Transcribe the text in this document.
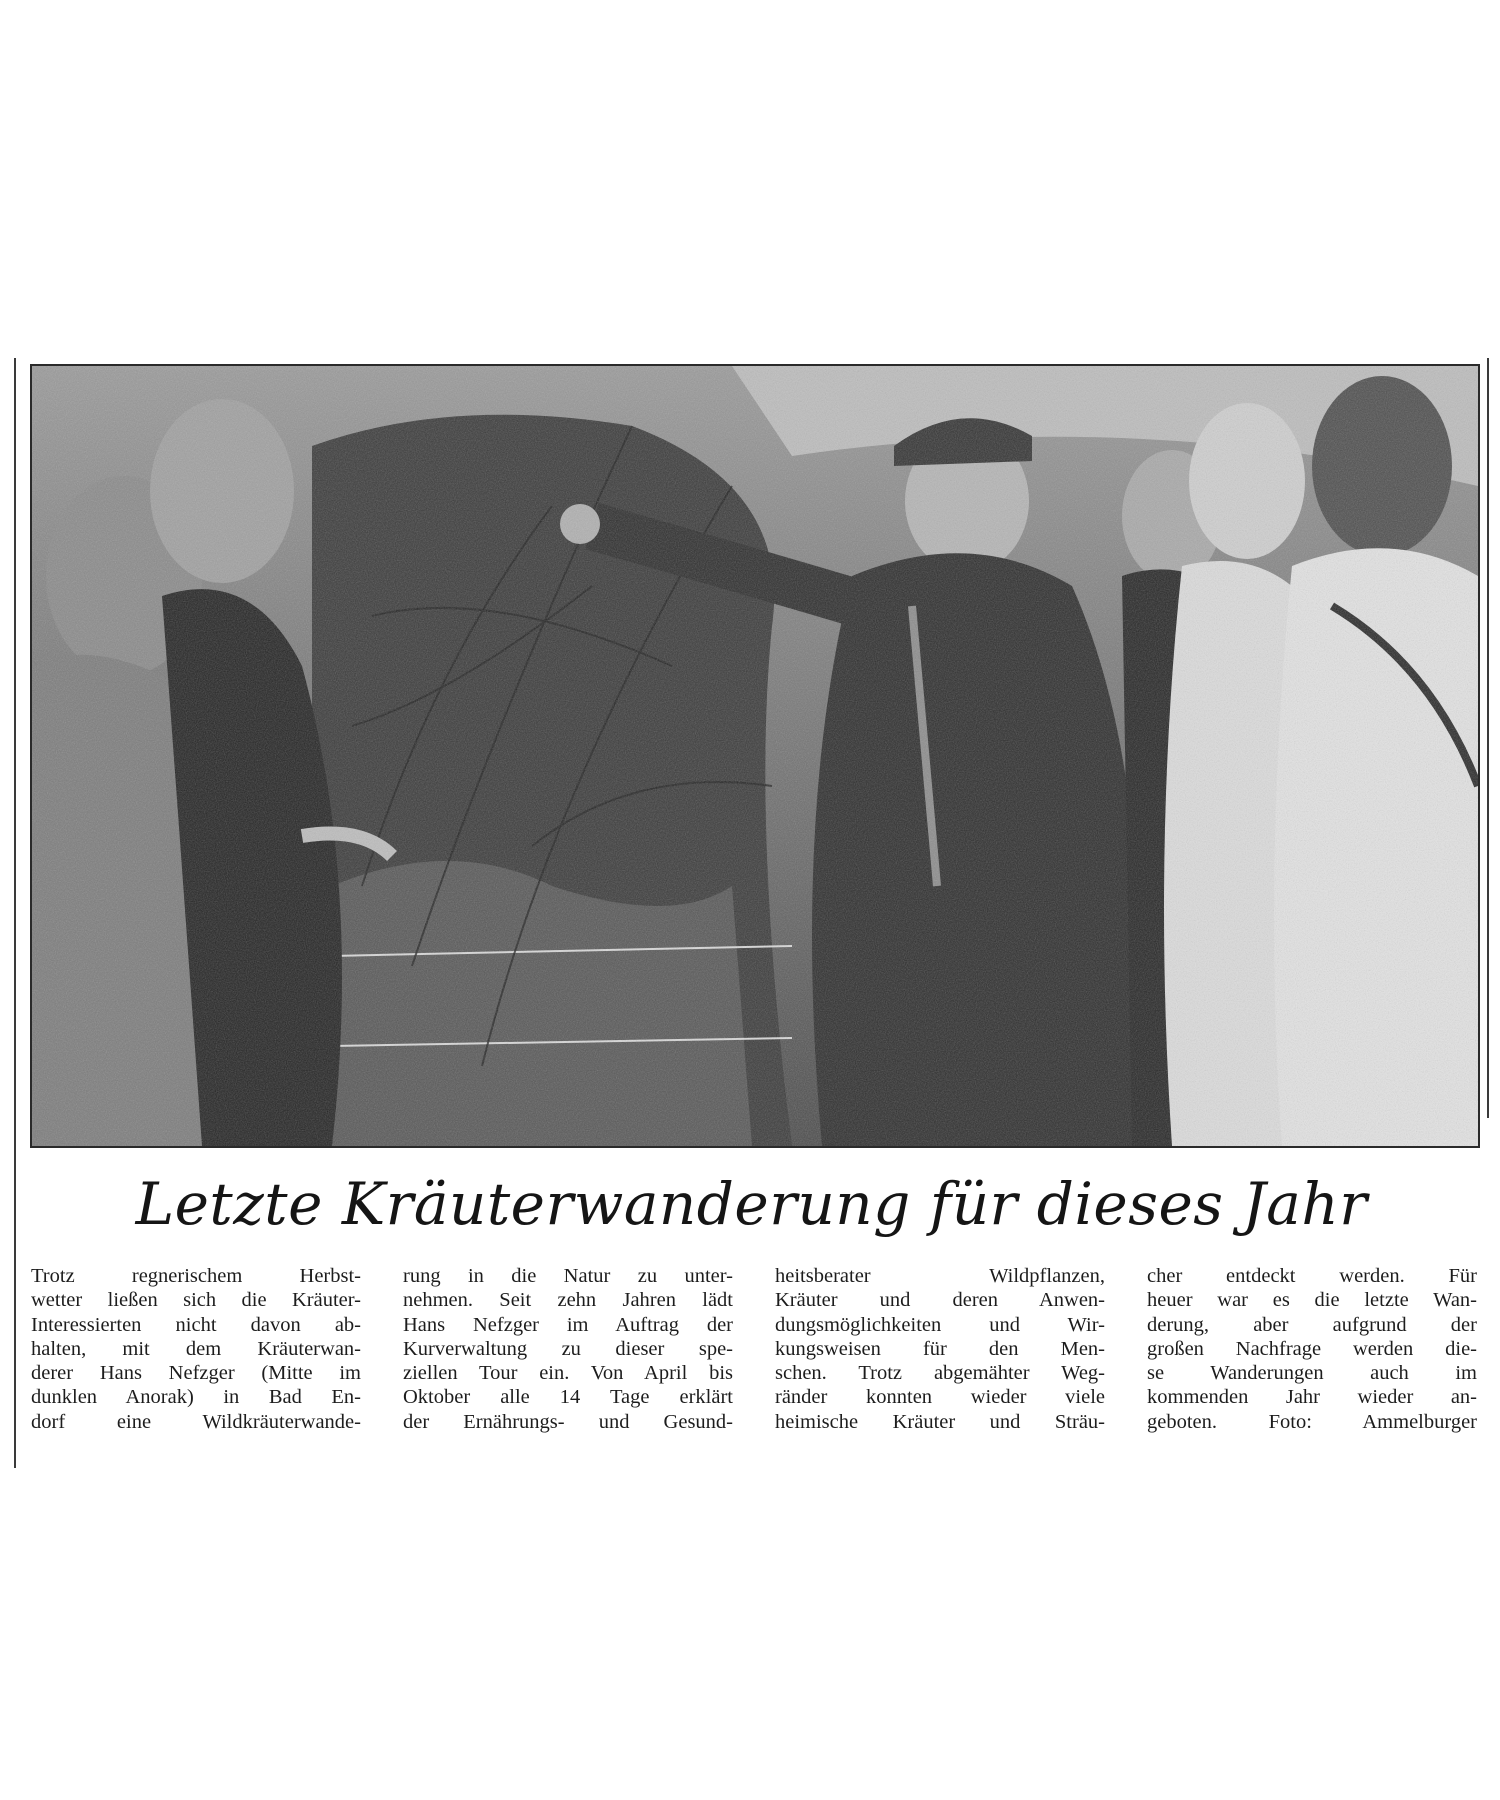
Letzte Kräuterwanderung für dieses Jahr

Trotz regnerischem Herbst-
wetter ließen sich die Kräuter-
Interessierten nicht davon ab-
halten, mit dem Kräuterwan-
derer Hans Nefzger (Mitte im
dunklen Anorak) in Bad En-
dorf eine Wildkräuterwande-

rung in die Natur zu unter-
nehmen. Seit zehn Jahren lädt
Hans Nefzger im Auftrag der
Kurverwaltung zu dieser spe-
ziellen Tour ein. Von April bis
Oktober alle 14 Tage erklärt
der Ernährungs- und Gesund-

heitsberater Wildpflanzen,
Kräuter und deren Anwen-
dungsmöglichkeiten und Wir-
kungsweisen für den Men-
schen. Trotz abgemähter Weg-
ränder konnten wieder viele
heimische Kräuter und Sträu-

cher entdeckt werden. Für
heuer war es die letzte Wan-
derung, aber aufgrund der
großen Nachfrage werden die-
se Wanderungen auch im
kommenden Jahr wieder an-
geboten. Foto: Ammelburger
